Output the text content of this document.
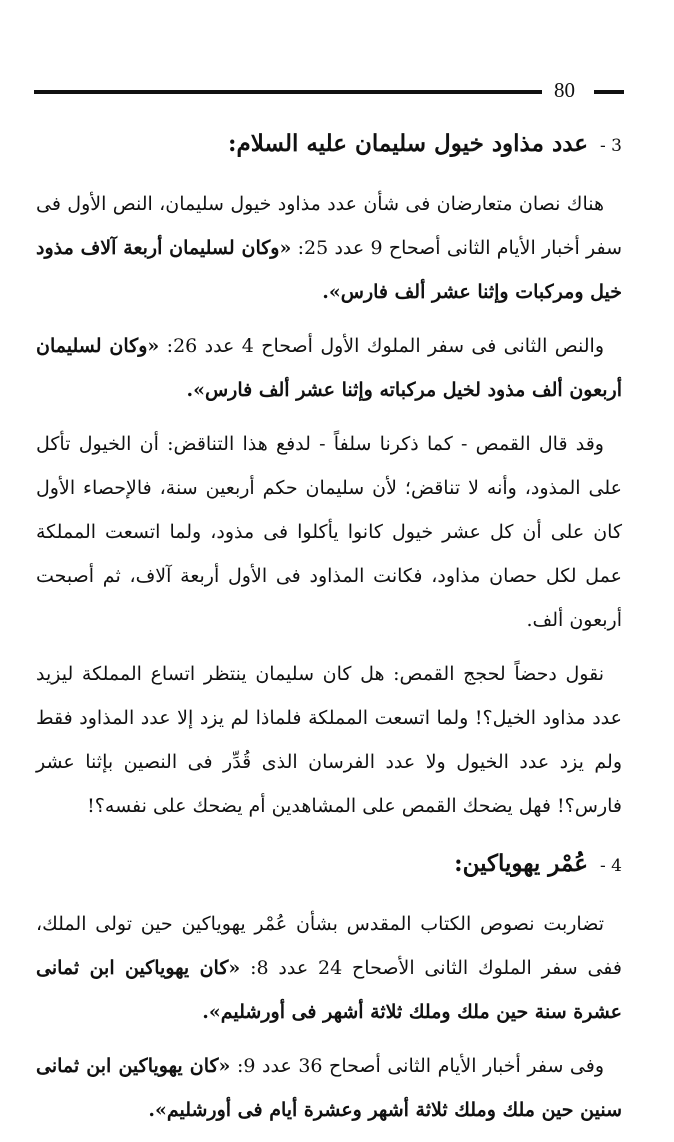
80
3 - عدد مذاود خيول سليمان عليه السلام:

هناك نصان متعارضان فى شأن عدد مذاود خيول سليمان، النص الأول فى سفر أخبار الأيام الثانى أصحاح 9 عدد 25: «وكان لسليمان أربعة آلاف مذود خيل ومركبات وإثنا عشر ألف فارس».

والنص الثانى فى سفر الملوك الأول أصحاح 4 عدد 26: «وكان لسليمان أربعون ألف مذود لخيل مركباته وإثنا عشر ألف فارس».

وقد قال القمص - كما ذكرنا سلفاً - لدفع هذا التناقض: أن الخيول تأكل على المذود، وأنه لا تناقض؛ لأن سليمان حكم أربعين سنة، فالإحصاء الأول كان على أن كل عشر خيول كانوا يأكلوا فى مذود، ولما اتسعت المملكة عمل لكل حصان مذاود، فكانت المذاود فى الأول أربعة آلاف، ثم أصبحت أربعون ألف.

نقول دحضاً لحجج القمص: هل كان سليمان ينتظر اتساع المملكة ليزيد عدد مذاود الخيل؟! ولما اتسعت المملكة فلماذا لم يزد إلا عدد المذاود فقط ولم يزد عدد الخيول ولا عدد الفرسان الذى قُدِّر فى النصين بإثنا عشر فارس؟! فهل يضحك القمص على المشاهدين أم يضحك على نفسه؟!

4 - عُمْر يهوياكين:

تضاربت نصوص الكتاب المقدس بشأن عُمْر يهوياكين حين تولى الملك، ففى سفر الملوك الثانى الأصحاح 24 عدد 8: «كان يهوياكين ابن ثمانى عشرة سنة حين ملك وملك ثلاثة أشهر فى أورشليم».

وفى سفر أخبار الأيام الثانى أصحاح 36 عدد 9: «كان يهوياكين ابن ثمانى سنين حين ملك وملك ثلاثة أشهر وعشرة أيام فى أورشليم».
